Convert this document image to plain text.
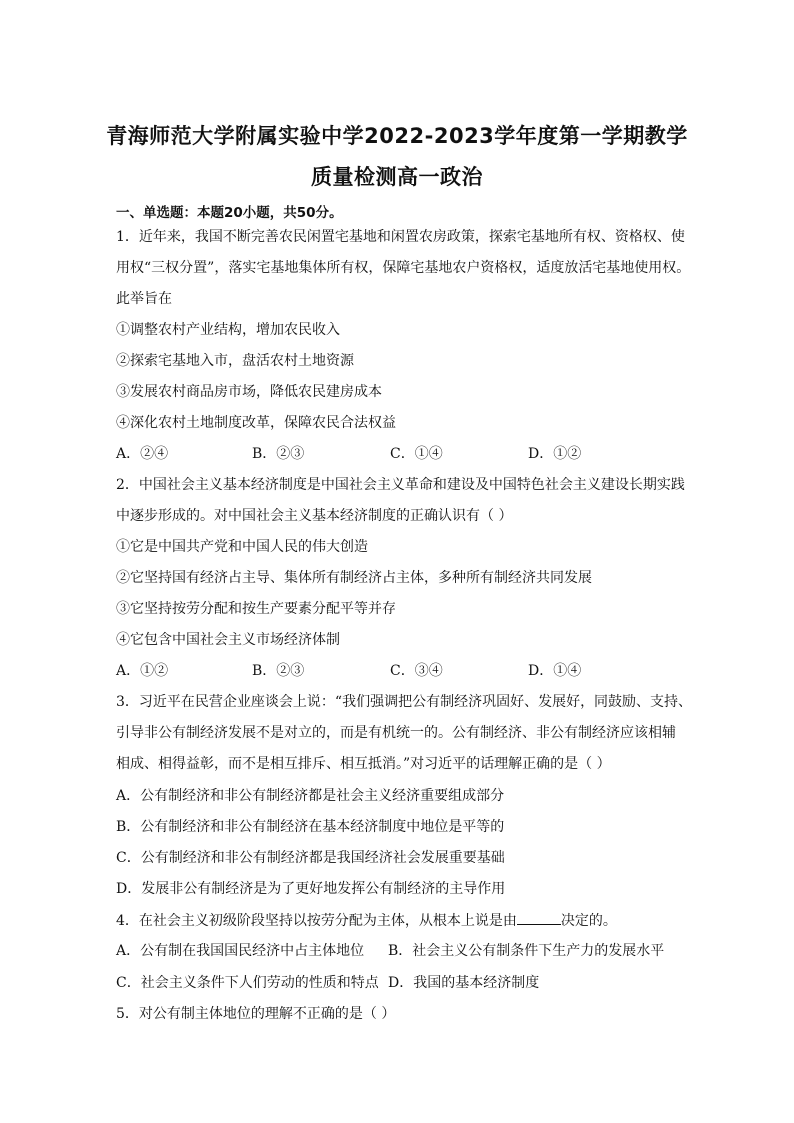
青海师范大学附属实验中学2022-2023学年度第一学期教学
质量检测高一政治
一、单选题：本题20小题，共50分。
1．近年来，我国不断完善农民闲置宅基地和闲置农房政策，探索宅基地所有权、资格权、使
用权“三权分置”，落实宅基地集体所有权，保障宅基地农户资格权，适度放活宅基地使用权。
此举旨在
①调整农村产业结构，增加农民收入
②探索宅基地入市，盘活农村土地资源
③发展农村商品房市场，降低农民建房成本
④深化农村土地制度改革，保障农民合法权益
A．②④	B．②③	C．①④	D．①②
2．中国社会主义基本经济制度是中国社会主义革命和建设及中国特色社会主义建设长期实践
中逐步形成的。对中国社会主义基本经济制度的正确认识有（ ）
①它是中国共产党和中国人民的伟大创造
②它坚持国有经济占主导、集体所有制经济占主体，多种所有制经济共同发展
③它坚持按劳分配和按生产要素分配平等并存
④它包含中国社会主义市场经济体制
A．①②	B．②③	C．③④	D．①④
3．习近平在民营企业座谈会上说：“我们强调把公有制经济巩固好、发展好，同鼓励、支持、
引导非公有制经济发展不是对立的，而是有机统一的。公有制经济、非公有制经济应该相辅
相成、相得益彰，而不是相互排斥、相互抵消。”对习近平的话理解正确的是（ ）
A．公有制经济和非公有制经济都是社会主义经济重要组成部分
B．公有制经济和非公有制经济在基本经济制度中地位是平等的
C．公有制经济和非公有制经济都是我国经济社会发展重要基础
D．发展非公有制经济是为了更好地发挥公有制经济的主导作用
4．在社会主义初级阶段坚持以按劳分配为主体，从根本上说是由	决定的。
A．公有制在我国国民经济中占主体地位 B．社会主义公有制条件下生产力的发展水平
C．社会主义条件下人们劳动的性质和特点 D．我国的基本经济制度
5．对公有制主体地位的理解不正确的是（ ）
